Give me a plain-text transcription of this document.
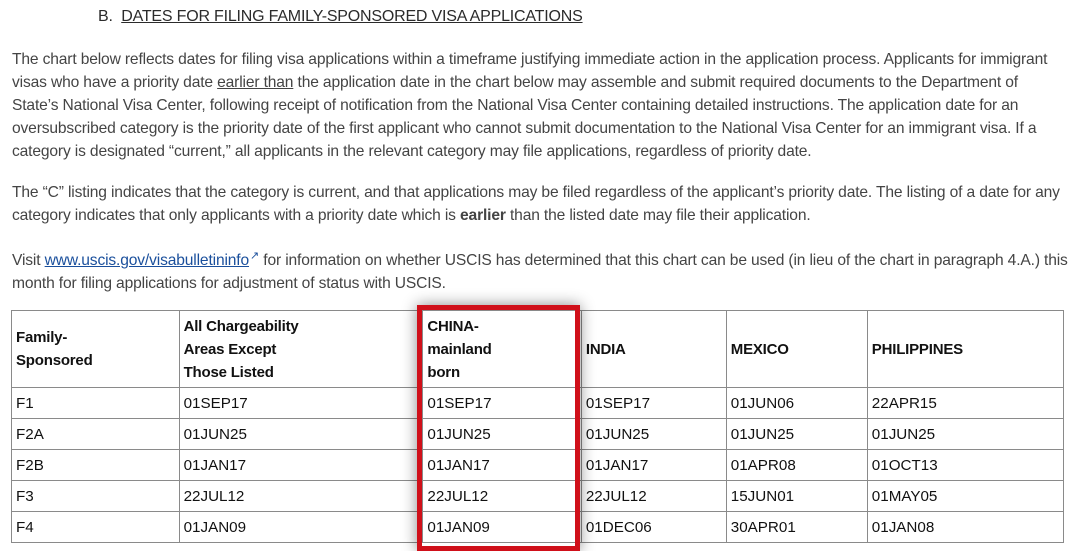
B. DATES FOR FILING FAMILY-SPONSORED VISA APPLICATIONS
The chart below reflects dates for filing visa applications within a timeframe justifying immediate action in the application process. Applicants for immigrant visas who have a priority date earlier than the application date in the chart below may assemble and submit required documents to the Department of State’s National Visa Center, following receipt of notification from the National Visa Center containing detailed instructions. The application date for an oversubscribed category is the priority date of the first applicant who cannot submit documentation to the National Visa Center for an immigrant visa. If a category is designated “current,” all applicants in the relevant category may file applications, regardless of priority date.
The “C” listing indicates that the category is current, and that applications may be filed regardless of the applicant’s priority date. The listing of a date for any category indicates that only applicants with a priority date which is earlier than the listed date may file their application.
Visit www.uscis.gov/visabulletininfo↗ for information on whether USCIS has determined that this chart can be used (in lieu of the chart in paragraph 4.A.) this month for filing applications for adjustment of status with USCIS.
Family-
Sponsored	All Chargeability
Areas Except
Those Listed	CHINA-
mainland
born	INDIA	MEXICO	PHILIPPINES
F1	01SEP17	01SEP17	01SEP17	01JUN06	22APR15
F2A	01JUN25	01JUN25	01JUN25	01JUN25	01JUN25
F2B	01JAN17	01JAN17	01JAN17	01APR08	01OCT13
F3	22JUL12	22JUL12	22JUL12	15JUN01	01MAY05
F4	01JAN09	01JAN09	01DEC06	30APR01	01JAN08
